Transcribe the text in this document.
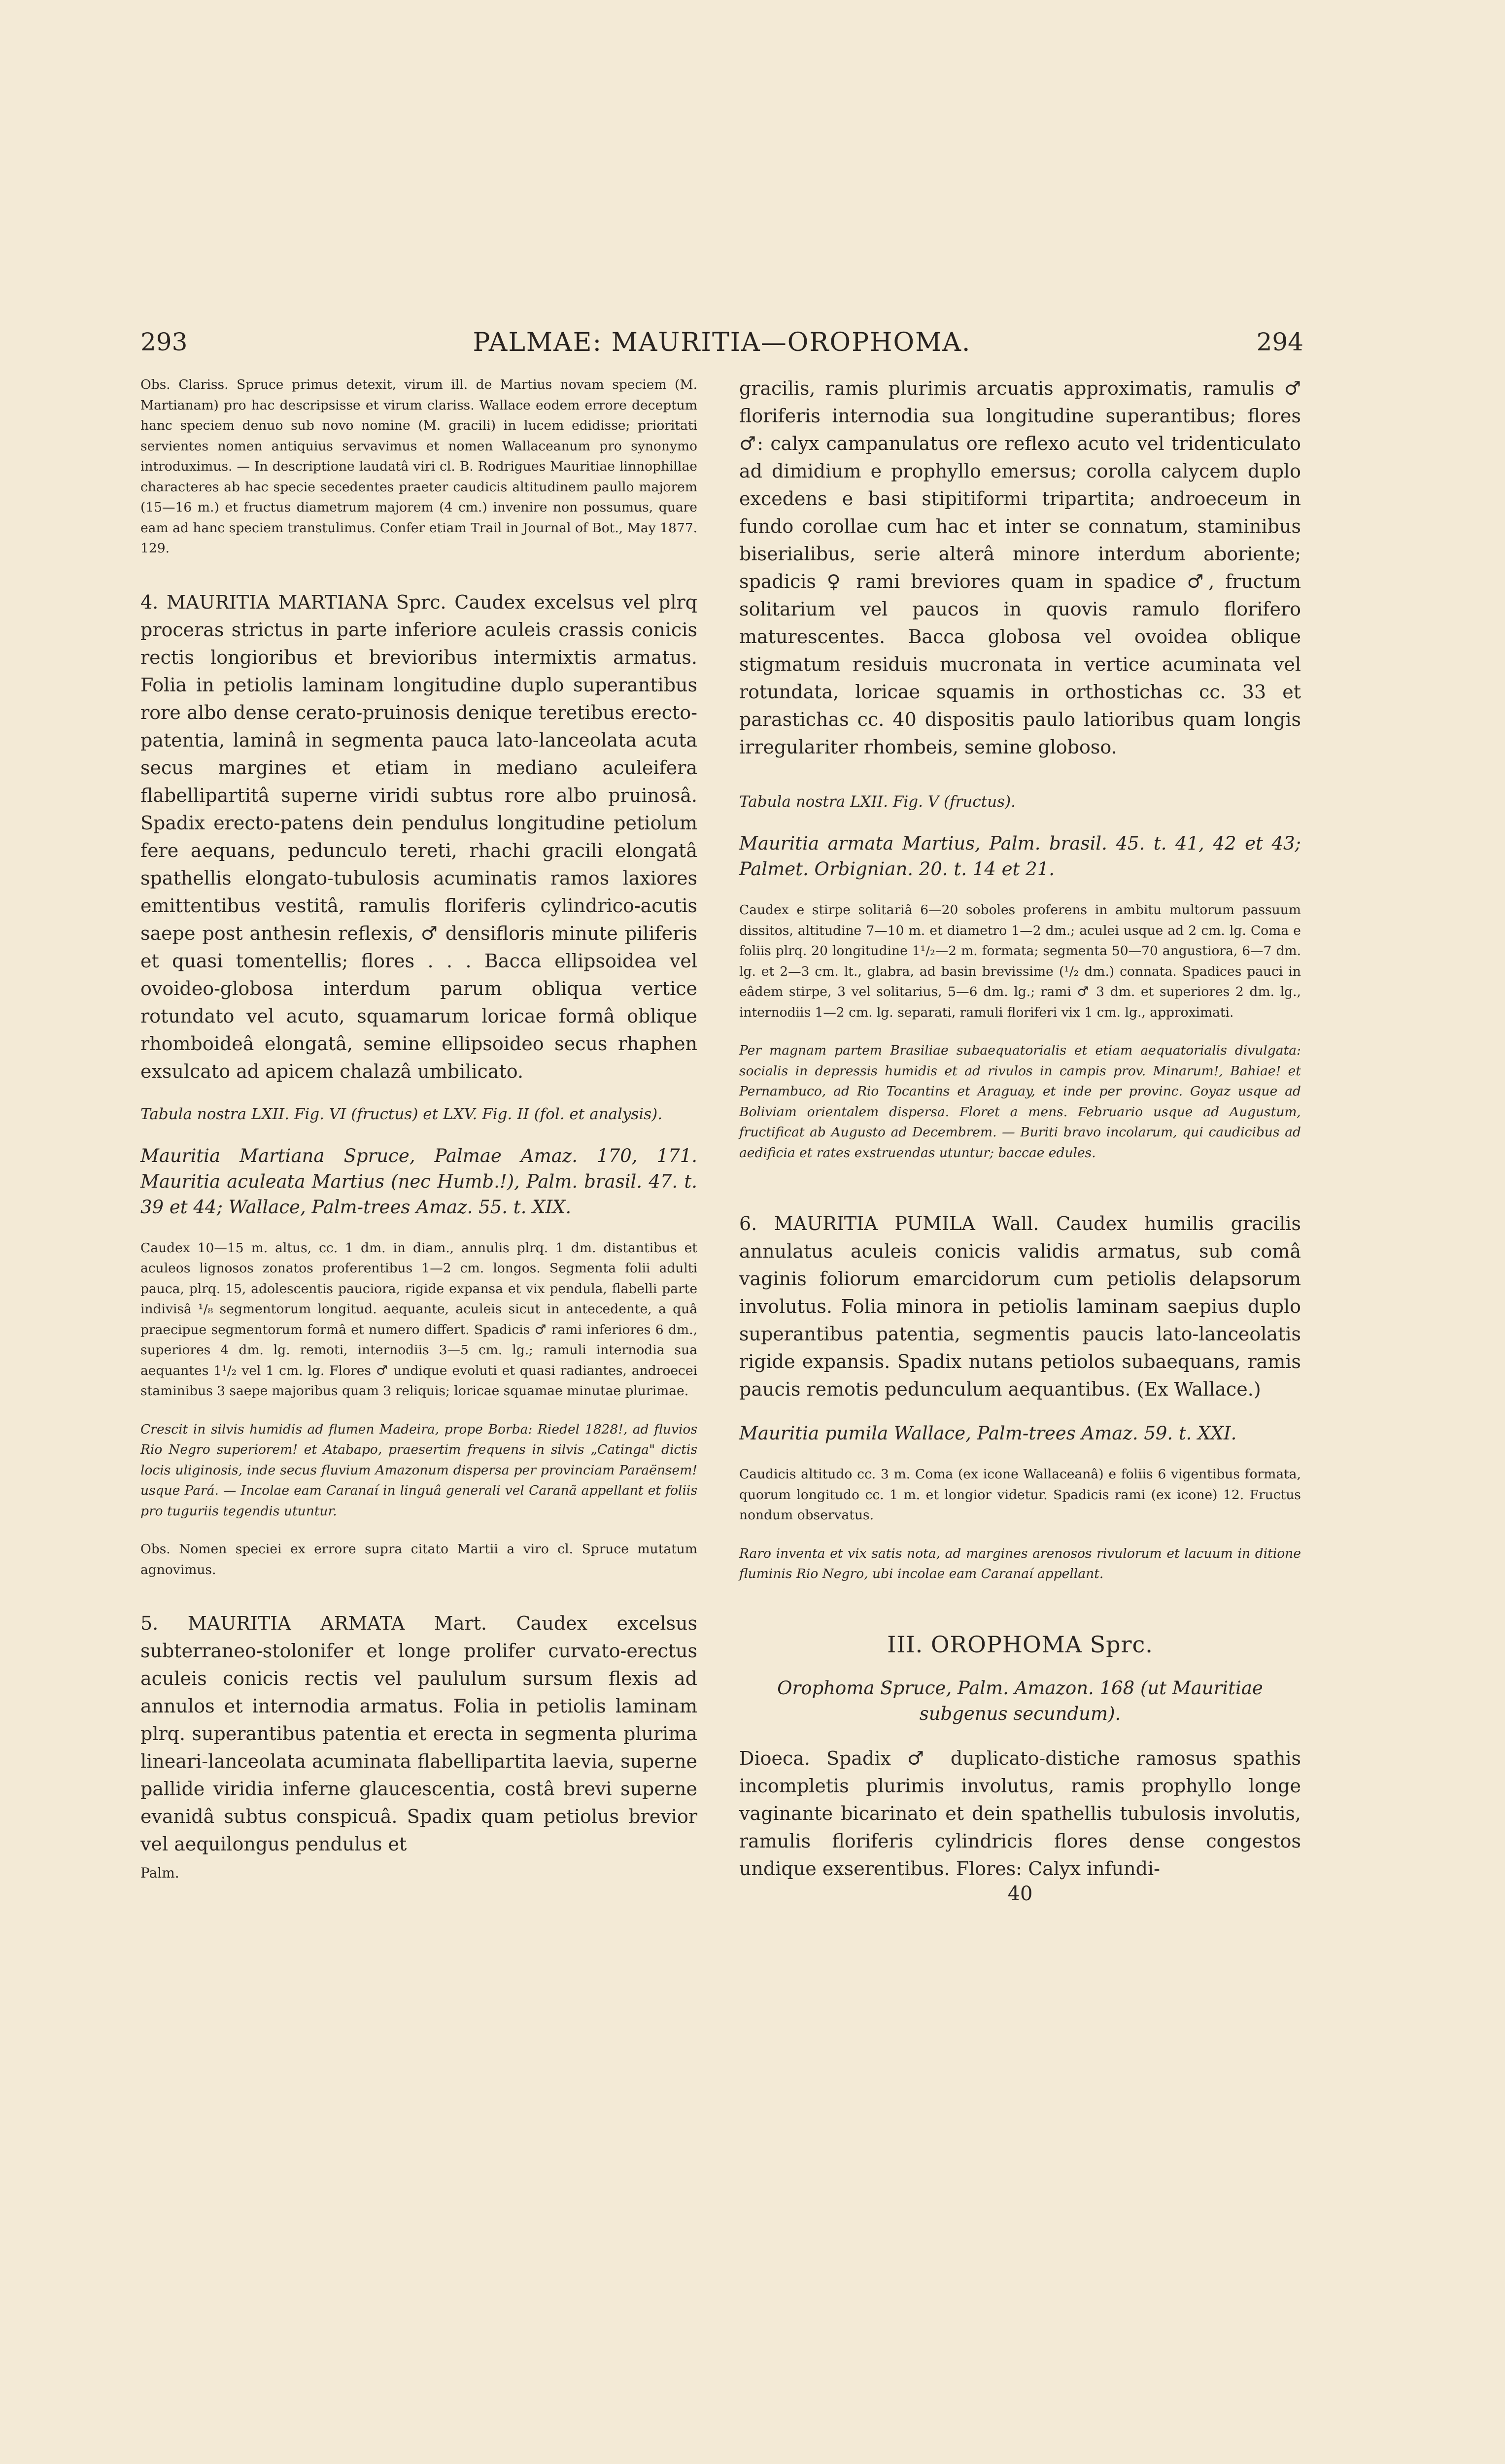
293	PALMAE: MAURITIA—OROPHOMA.	294

Obs. Clariss. Spruce primus detexit, virum ill. de Martius novam speciem (M. Martianam) pro hac descripsisse et virum clariss. Wallace eodem errore deceptum hanc speciem denuo sub novo nomine (M. gracili) in lucem edidisse; prioritati servientes nomen antiquius servavimus et nomen Wallaceanum pro synonymo introduximus. — In descriptione laudatâ viri cl. B. Rodrigues Mauritiae linnophillae characteres ab hac specie secedentes praeter caudicis altitudinem paullo majorem (15—16 m.) et fructus diametrum majorem (4 cm.) invenire non possumus, quare eam ad hanc speciem transtulimus. Confer etiam Trail in Journal of Bot., May 1877. 129.

4. MAURITIA MARTIANA Sprc. Caudex excelsus vel plrq proceras strictus in parte inferiore aculeis crassis conicis rectis longioribus et brevioribus intermixtis armatus. Folia in petiolis laminam longitudine duplo superantibus rore albo dense cerato-pruinosis denique teretibus erecto-patentia, laminâ in segmenta pauca lato-lanceolata acuta secus margines et etiam in mediano aculeifera flabellipartitâ superne viridi subtus rore albo pruinosâ. Spadix erecto-patens dein pendulus longitudine petiolum fere aequans, pedunculo tereti, rhachi gracili elongatâ spathellis elongato-tubulosis acuminatis ramos laxiores emittentibus vestitâ, ramulis floriferis cylindrico-acutis saepe post anthesin reflexis, ♂ densifloris minute piliferis et quasi tomentellis; flores . . . Bacca ellipsoidea vel ovoideo-globosa interdum parum obliqua vertice rotundato vel acuto, squamarum loricae formâ oblique rhomboideâ elongatâ, semine ellipsoideo secus rhaphen exsulcato ad apicem chalazâ umbilicato.

Tabula nostra LXII. Fig. VI (fructus) et LXV. Fig. II (fol. et analysis).

Mauritia Martiana Spruce, Palmae Amaz. 170, 171. Mauritia aculeata Martius (nec Humb.!), Palm. brasil. 47. t. 39 et 44; Wallace, Palm-trees Amaz. 55. t. XIX.

Caudex 10—15 m. altus, cc. 1 dm. in diam., annulis plrq. 1 dm. distantibus et aculeos lignosos zonatos proferentibus 1—2 cm. longos. Segmenta folii adulti pauca, plrq. 15, adolescentis pauciora, rigide expansa et vix pendula, flabelli parte indivisâ ¹/₈ segmentorum longitud. aequante, aculeis sicut in antecedente, a quâ praecipue segmentorum formâ et numero differt. Spadicis ♂ rami inferiores 6 dm., superiores 4 dm. lg. remoti, internodiis 3—5 cm. lg.; ramuli internodia sua aequantes 1¹/₂ vel 1 cm. lg. Flores ♂ undique evoluti et quasi radiantes, androecei staminibus 3 saepe majoribus quam 3 reliquis; loricae squamae minutae plurimae.

Crescit in silvis humidis ad flumen Madeira, prope Borba: Riedel 1828!, ad fluvios Rio Negro superiorem! et Atabapo, praesertim frequens in silvis „Catinga" dictis locis uliginosis, inde secus fluvium Amazonum dispersa per provinciam Paraënsem! usque Pará. — Incolae eam Caranaí in linguâ generali vel Caranã appellant et foliis pro tuguriis tegendis utuntur.

Obs. Nomen speciei ex errore supra citato Martii a viro cl. Spruce mutatum agnovimus.

5. MAURITIA ARMATA Mart. Caudex excelsus subterraneo-stolonifer et longe prolifer curvato-erectus aculeis conicis rectis vel paululum sursum flexis ad annulos et internodia armatus. Folia in petiolis laminam plrq. superantibus patentia et erecta in segmenta plurima lineari-lanceolata acuminata flabellipartita laevia, superne pallide viridia inferne glaucescentia, costâ brevi superne evanidâ subtus conspicuâ. Spadix quam petiolus brevior vel aequilongus pendulus et

Palm.

gracilis, ramis plurimis arcuatis approximatis, ramulis ♂ floriferis internodia sua longitudine superantibus; flores ♂: calyx campanulatus ore reflexo acuto vel tridenticulato ad dimidium e prophyllo emersus; corolla calycem duplo excedens e basi stipitiformi tripartita; androeceum in fundo corollae cum hac et inter se connatum, staminibus biserialibus, serie alterâ minore interdum aboriente; spadicis ♀ rami breviores quam in spadice ♂, fructum solitarium vel paucos in quovis ramulo florifero maturescentes. Bacca globosa vel ovoidea oblique stigmatum residuis mucronata in vertice acuminata vel rotundata, loricae squamis in orthostichas cc. 33 et parastichas cc. 40 dispositis paulo latioribus quam longis irregulariter rhombeis, semine globoso.

Tabula nostra LXII. Fig. V (fructus).

Mauritia armata Martius, Palm. brasil. 45. t. 41, 42 et 43; Palmet. Orbignian. 20. t. 14 et 21.

Caudex e stirpe solitariâ 6—20 soboles proferens in ambitu multorum passuum dissitos, altitudine 7—10 m. et diametro 1—2 dm.; aculei usque ad 2 cm. lg. Coma e foliis plrq. 20 longitudine 1¹/₂—2 m. formata; segmenta 50—70 angustiora, 6—7 dm. lg. et 2—3 cm. lt., glabra, ad basin brevissime (¹/₂ dm.) connata. Spadices pauci in eâdem stirpe, 3 vel solitarius, 5—6 dm. lg.; rami ♂ 3 dm. et superiores 2 dm. lg., internodiis 1—2 cm. lg. separati, ramuli floriferi vix 1 cm. lg., approximati.

Per magnam partem Brasiliae subaequatorialis et etiam aequatorialis divulgata: socialis in depressis humidis et ad rivulos in campis prov. Minarum!, Bahiae! et Pernambuco, ad Rio Tocantins et Araguay, et inde per provinc. Goyaz usque ad Boliviam orientalem dispersa. Floret a mens. Februario usque ad Augustum, fructificat ab Augusto ad Decembrem. — Buriti bravo incolarum, qui caudicibus ad aedificia et rates exstruendas utuntur; baccae edules.

6. MAURITIA PUMILA Wall. Caudex humilis gracilis annulatus aculeis conicis validis armatus, sub comâ vaginis foliorum emarcidorum cum petiolis delapsorum involutus. Folia minora in petiolis laminam saepius duplo superantibus patentia, segmentis paucis lato-lanceolatis rigide expansis. Spadix nutans petiolos subaequans, ramis paucis remotis pedunculum aequantibus. (Ex Wallace.)

Mauritia pumila Wallace, Palm-trees Amaz. 59. t. XXI.

Caudicis altitudo cc. 3 m. Coma (ex icone Wallaceanâ) e foliis 6 vigentibus formata, quorum longitudo cc. 1 m. et longior videtur. Spadicis rami (ex icone) 12. Fructus nondum observatus.

Raro inventa et vix satis nota, ad margines arenosos rivulorum et lacuum in ditione fluminis Rio Negro, ubi incolae eam Caranaí appellant.

III. OROPHOMA Sprc.

Orophoma Spruce, Palm. Amazon. 168 (ut Mauritiae subgenus secundum).

Dioeca. Spadix ♂ duplicato-distiche ramosus spathis incompletis plurimis involutus, ramis prophyllo longe vaginante bicarinato et dein spathellis tubulosis involutis, ramulis floriferis cylindricis flores dense congestos undique exserentibus. Flores: Calyx infundi-

40
